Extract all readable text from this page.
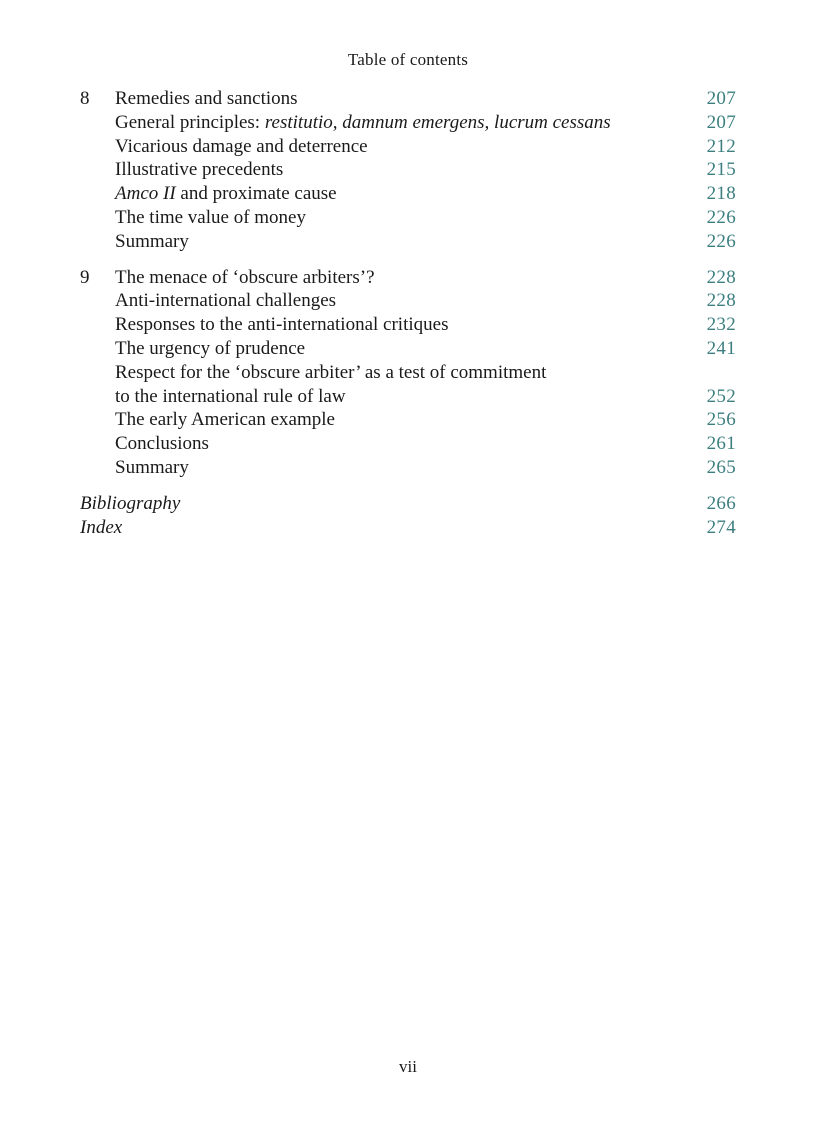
Table of contents
8	Remedies and sanctions	207
General principles: restitutio, damnum emergens, lucrum cessans	207
Vicarious damage and deterrence	212
Illustrative precedents	215
Amco II and proximate cause	218
The time value of money	226
Summary	226
9	The menace of ‘obscure arbiters’?	228
Anti-international challenges	228
Responses to the anti-international critiques	232
The urgency of prudence	241
Respect for the ‘obscure arbiter’ as a test of commitment
to the international rule of law	252
The early American example	256
Conclusions	261
Summary	265
Bibliography	266
Index	274
vii
